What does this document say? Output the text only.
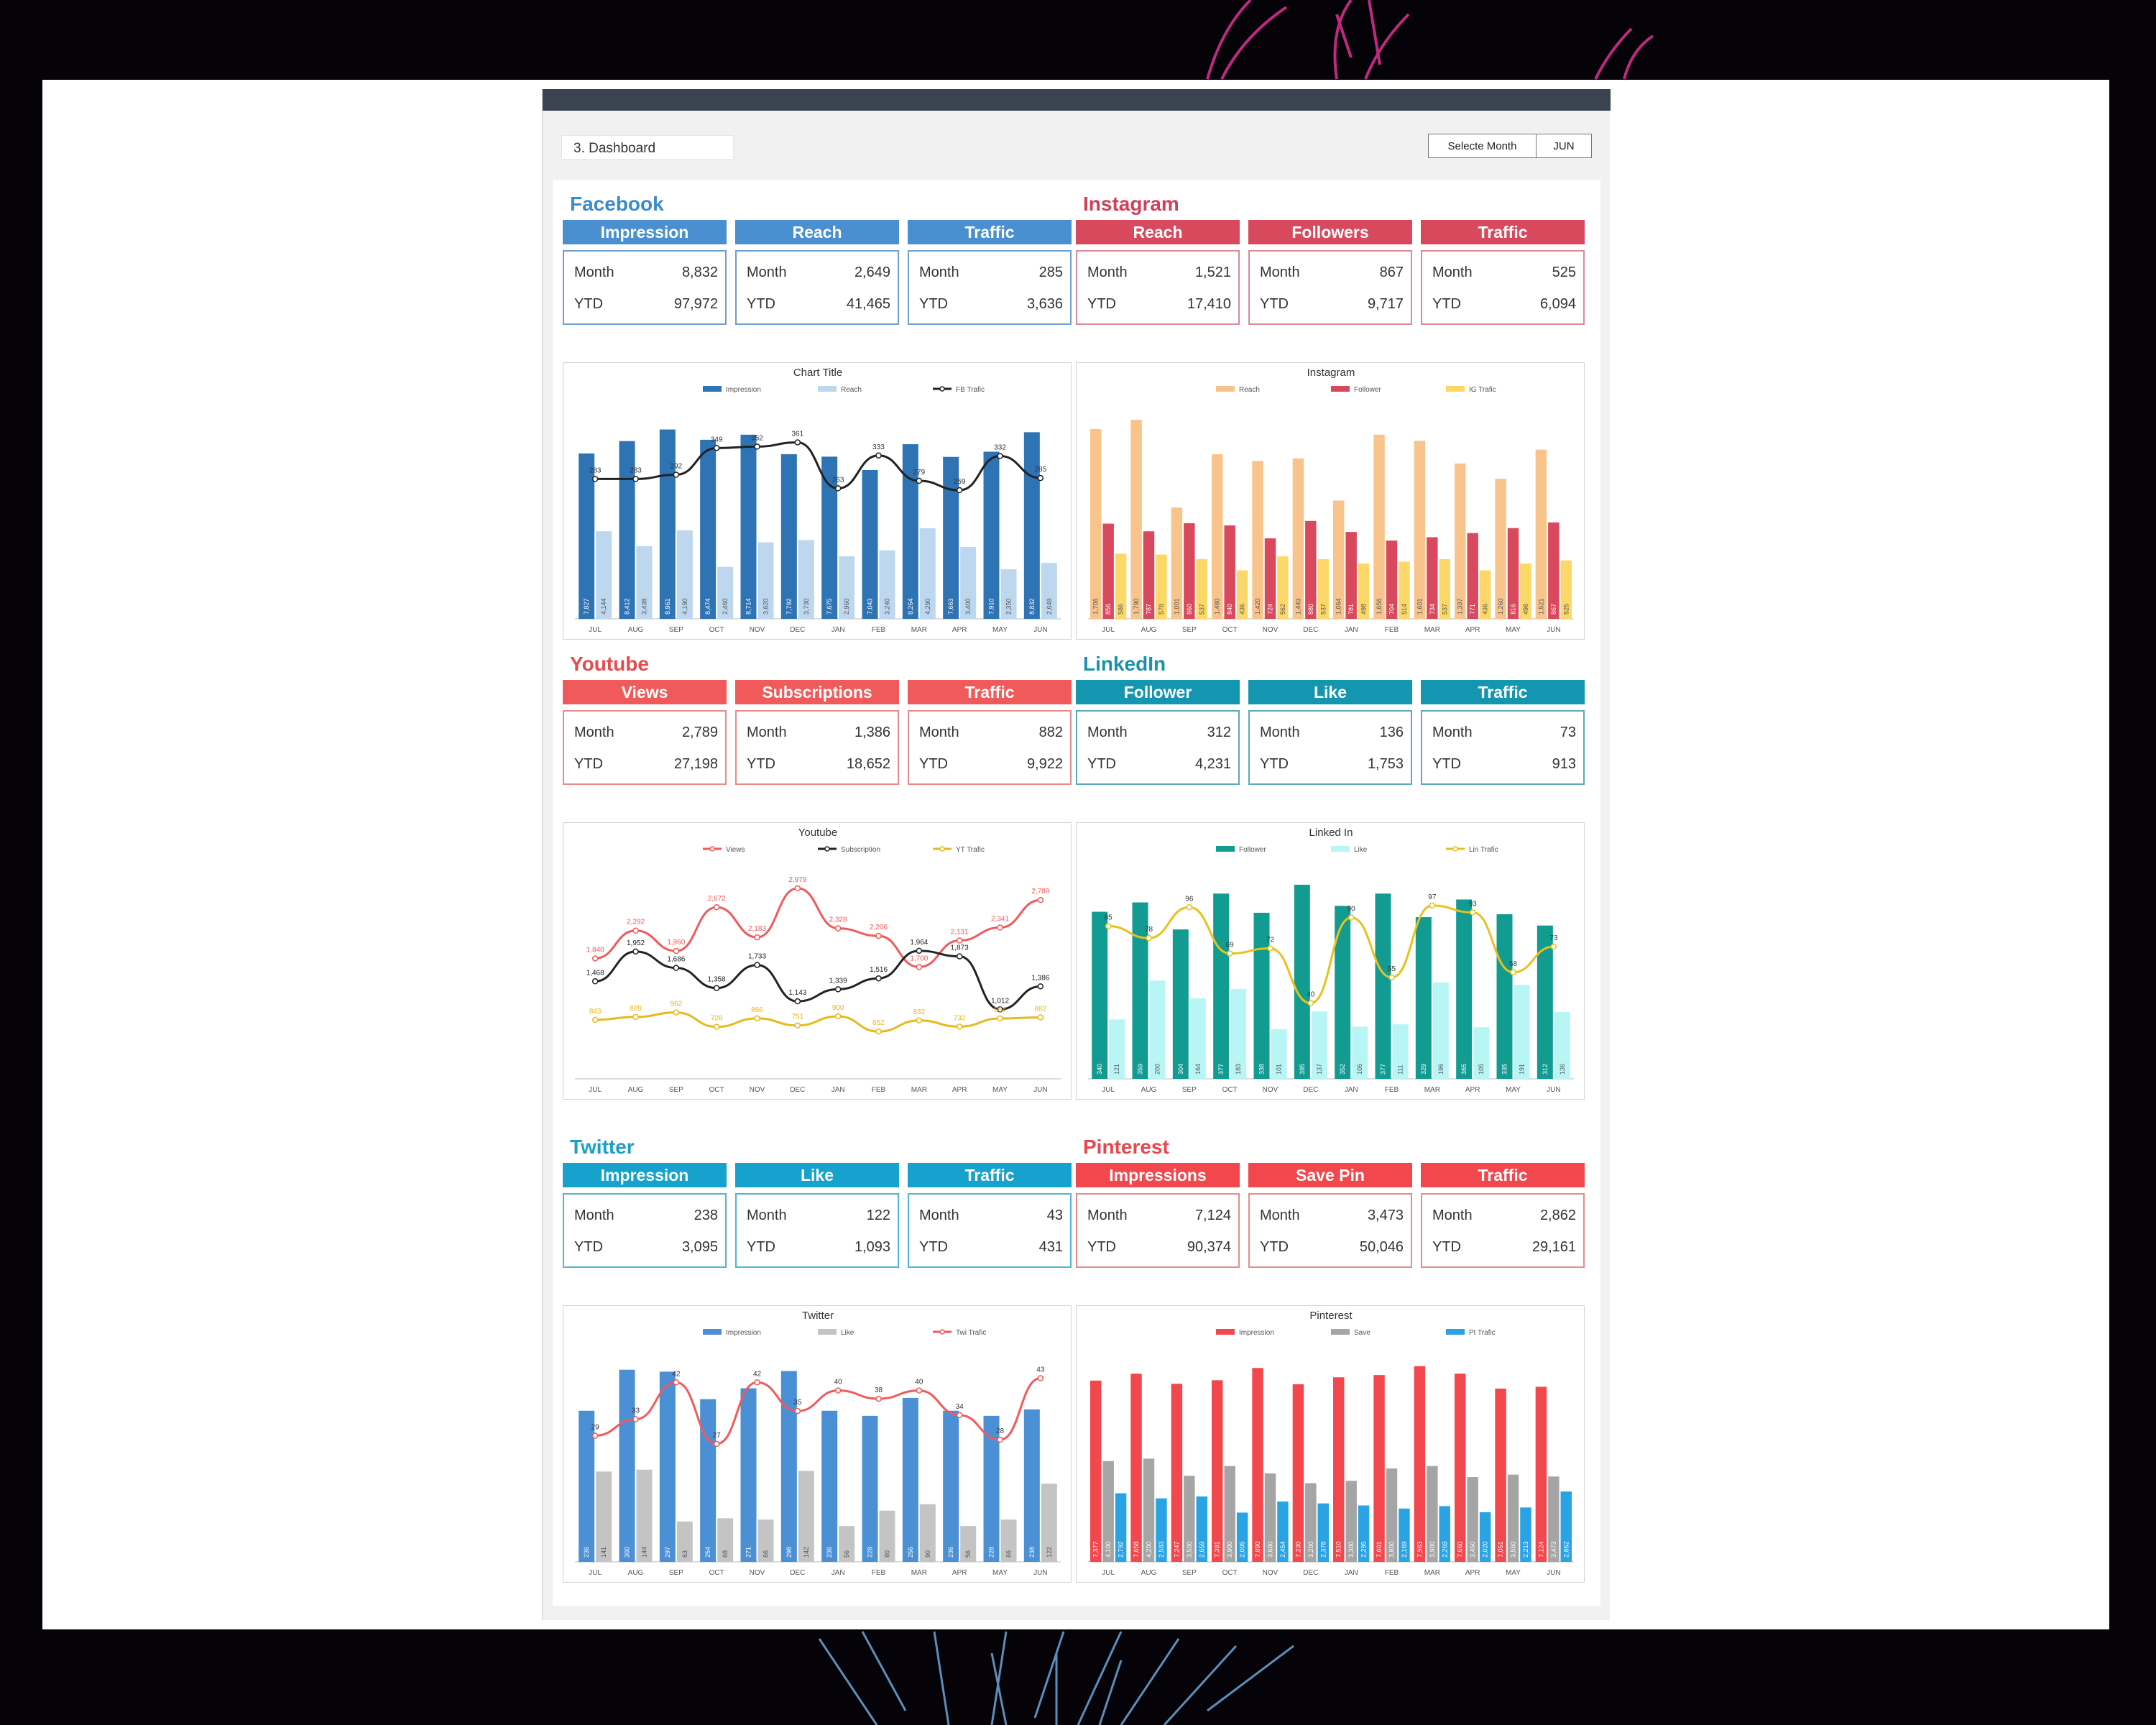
3. Dashboard	Selecte Month	JUN
Facebook
Impression
Month	8,832
YTD	97,972
Reach
Month	2,649
YTD	41,465
Traffic
Month	285
YTD	3,636
Chart Title
Impression	Reach	FB Trafic
JUL	AUG	SEP	OCT	NOV	DEC	JAN	FEB	MAR	APR	MAY	JUN
7,827	8,412	8,961	8,474	8,714	7,792	7,675	7,043	8,264	7,663	7,910	8,832
4,144	3,438	4,190	2,460	3,620	3,730	2,960	3,240	4,290	3,400	2,350	2,649
283	283
292
349	352
361
263
333
279
259
332
285
Instagram
Reach
Month	1,521
YTD	17,410
Followers
Month	867
YTD	9,717
Traffic
Month	525
YTD	6,094
Instagram
Reach	Follower	IG Trafic
JUL	AUG	SEP	OCT	NOV	DEC	JAN	FEB	MAR	APR	MAY	JUN
1,706	1,790	1,001	1,480	1,420	1,443	1,064	1,656	1,601	1,397	1,260	1,521
856	787	860	840	724	880	781	704	734	771	816	867
586	578	537	436	562	537	498	514	537	436	498	525
Youtube
Views
Month	2,789
YTD	27,198
Subscriptions
Month	1,386
YTD	18,652
Traffic
Month	882
YTD	9,922
Youtube
Views	Subscription	YT Trafic
JUL	AUG	SEP	OCT	NOV	DEC	JAN	FEB	MAR	APR	MAY	JUN
1,840
2,292
1,960
2,672
2,183
2,979
2,328
2,206
1,700
2,131
2,341
2,789
1,468
1,952
1,686
1,358
1,733
1,143
1,339
1,516
1,964
1,873
1,012
1,386
843	889
962
728
866
751
900
652
832
732
864	882
LinkedIn
Follower
Month	312
YTD	4,231
Like
Month	136
YTD	1,753
Traffic
Month	73
YTD	913
Linked In
Follower	Like	Lin Trafic
JUL	AUG	SEP	OCT	NOV	DEC	JAN	FEB	MAR	APR	MAY	JUN
340	359	304	377	338	395	352	377	329	365	335	312
121	200	164	183	101	137	106	111	196	105	191	136
85
78
96
69
72
40
90
55
97
93
58
73
Twitter
Impression
Month	238
YTD	3,095
Like
Month	122
YTD	1,093
Traffic
Month	43
YTD	431
Twitter
Impression	Like	Twi Trafic
JUL	AUG	SEP	OCT	NOV	DEC	JAN	FEB	MAR	APR	MAY	JUN
236	300	297	254	271	298	236	228	256	236	228	238
141	144	63	68	66	142	56	80	90	56	66	122
29
33
42
27
42
35
40
38
40
34
28
43
Pinterest
Impressions
Month	7,124
YTD	90,374
Save Pin
Month	3,473
YTD	50,046
Traffic
Month	2,862
YTD	29,161
Pinterest
Impression	Save	Pt Trafic
JUL	AUG	SEP	OCT	NOV	DEC	JAN	FEB	MAR	APR	MAY	JUN
7,377	7,658	7,247	7,391	7,890	7,230	7,510	7,601	7,963	7,660	7,051	7,124
4,100	4,200	3,500	3,900	3,600	3,200	3,300	3,800	3,900	3,450	3,550	3,473
2,792	2,583	2,659	2,005	2,454	2,378	2,295	2,169	2,269	2,020	2,213	2,862
